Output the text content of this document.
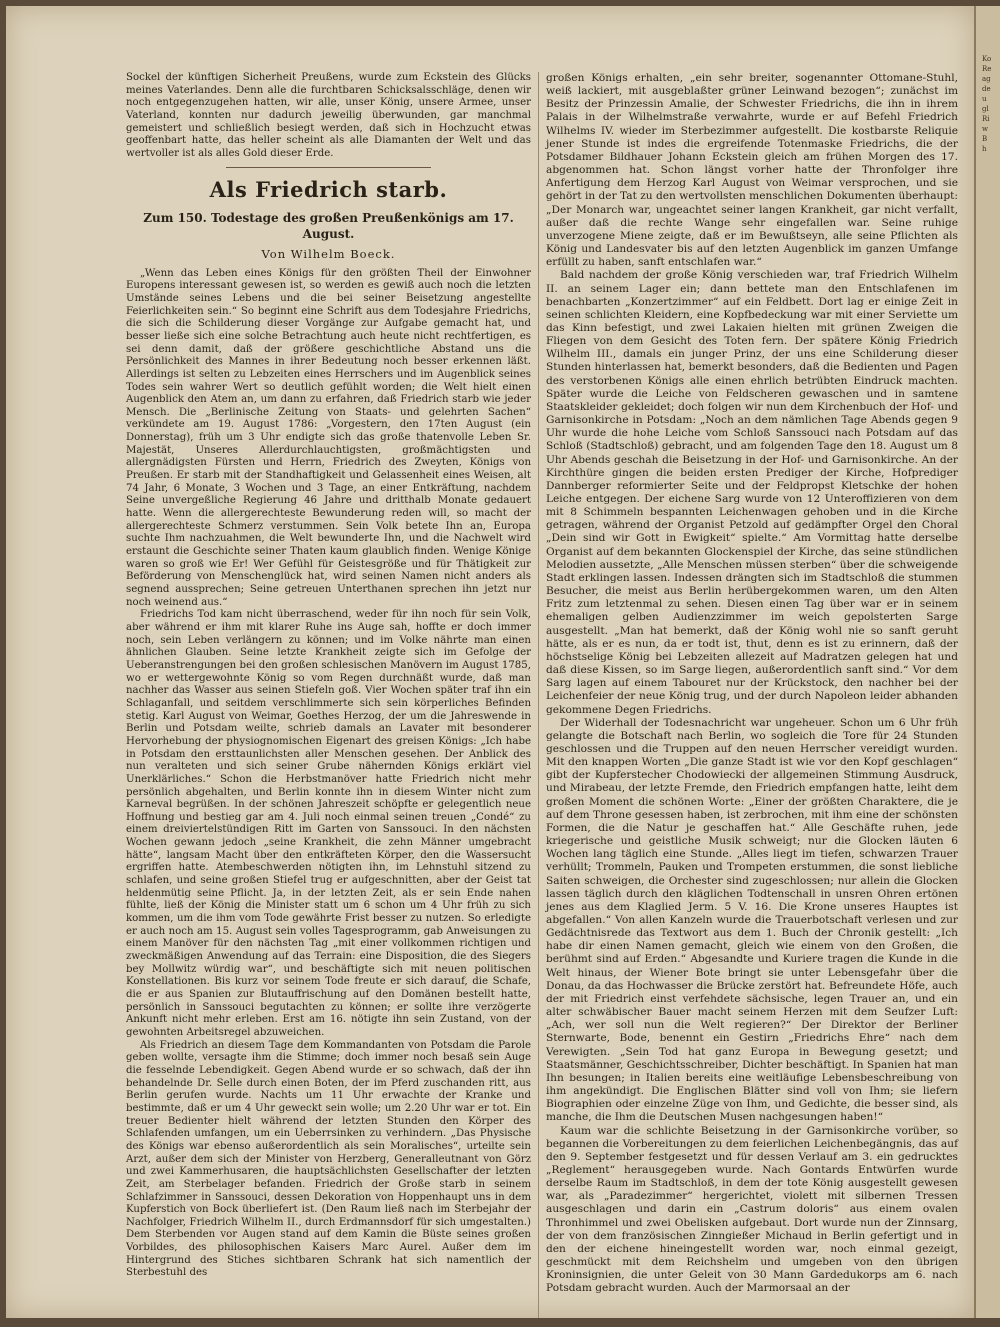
Sockel der künftigen Sicherheit Preußens, wurde zum Eckstein des Glücks meines Vaterlandes. Denn alle die furchtbaren Schicksalsschläge, denen wir noch entgegenzugehen hatten, wir alle, unser König, unsere Armee, unser Vaterland, konnten nur dadurch jeweilig überwunden, gar manchmal gemeistert und schließlich besiegt werden, daß sich in Hochzucht etwas geoffenbart hatte, das heller scheint als alle Diamanten der Welt und das wertvoller ist als alles Gold dieser Erde.

Als Friedrich starb.
Zum 150. Todestage des großen Preußenkönigs am 17. August.
Von Wilhelm Boeck.

„Wenn das Leben eines Königs für den größten Theil der Einwohner Europens interessant gewesen ist, so werden es gewiß auch noch die letzten Umstände seines Lebens und die bei seiner Beisetzung angestellte Feierlichkeiten sein.“ So beginnt eine Schrift aus dem Todesjahre Friedrichs, die sich die Schilderung dieser Vorgänge zur Aufgabe gemacht hat, und besser ließe sich eine solche Betrachtung auch heute nicht rechtfertigen, es sei denn damit, daß der größere geschichtliche Abstand uns die Persönlichkeit des Mannes in ihrer Bedeutung noch besser erkennen läßt. Allerdings ist selten zu Lebzeiten eines Herrschers und im Augenblick seines Todes sein wahrer Wert so deutlich gefühlt worden; die Welt hielt einen Augenblick den Atem an, um dann zu erfahren, daß Friedrich starb wie jeder Mensch. Die „Berlinische Zeitung von Staats- und gelehrten Sachen“ verkündete am 19. August 1786: „Vorgestern, den 17ten August (ein Donnerstag), früh um 3 Uhr endigte sich das große thatenvolle Leben Sr. Majestät, Unseres Allerdurchlauchtigsten, großmächtigsten und allergnädigsten Fürsten und Herrn, Friedrich des Zweyten, Königs von Preußen. Er starb mit der Standhaftigkeit und Gelassenheit eines Weisen, alt 74 Jahr, 6 Monate, 3 Wochen und 3 Tage, an einer Entkräftung, nachdem Seine unvergeßliche Regierung 46 Jahre und dritthalb Monate gedauert hatte. Wenn die allergerechteste Bewunderung reden will, so macht der allergerechteste Schmerz verstummen. Sein Volk betete Ihn an, Europa suchte Ihm nachzuahmen, die Welt bewunderte Ihn, und die Nachwelt wird erstaunt die Geschichte seiner Thaten kaum glaublich finden. Wenige Könige waren so groß wie Er! Wer Gefühl für Geistesgröße und für Thätigkeit zur Beförderung von Menschenglück hat, wird seinen Namen nicht anders als segnend aussprechen; Seine getreuen Unterthanen sprechen ihn jetzt nur noch weinend aus.“

Friedrichs Tod kam nicht überraschend, weder für ihn noch für sein Volk, aber während er ihm mit klarer Ruhe ins Auge sah, hoffte er doch immer noch, sein Leben verlängern zu können; und im Volke nährte man einen ähnlichen Glauben. Seine letzte Krankheit zeigte sich im Gefolge der Ueberanstrengungen bei den großen schlesischen Manövern im August 1785, wo er wettergewohnte König so vom Regen durchnäßt wurde, daß man nachher das Wasser aus seinen Stiefeln goß. Vier Wochen später traf ihn ein Schlaganfall, und seitdem verschlimmerte sich sein körperliches Befinden stetig. Karl August von Weimar, Goethes Herzog, der um die Jahreswende in Berlin und Potsdam weilte, schrieb damals an Lavater mit besonderer Hervorhebung der physiognomischen Eigenart des greisen Königs: „Ich habe in Potsdam den ersttaunlichsten aller Menschen gesehen. Der Anblick des nun veralteten und sich seiner Grube nähernden Königs erklärt viel Unerklärliches.“ Schon die Herbstmanöver hatte Friedrich nicht mehr persönlich abgehalten, und Berlin konnte ihn in diesem Winter nicht zum Karneval begrüßen. In der schönen Jahreszeit schöpfte er gelegentlich neue Hoffnung und bestieg gar am 4. Juli noch einmal seinen treuen „Condé“ zu einem dreiviertelstündigen Ritt im Garten von Sanssouci. In den nächsten Wochen gewann jedoch „seine Krankheit, die zehn Männer umgebracht hätte“, langsam Macht über den entkräfteten Körper, den die Wassersucht ergriffen hatte. Atembeschwerden nötigten ihn, im Lehnstuhl sitzend zu schlafen, und seine großen Stiefel trug er aufgeschnitten, aber der Geist tat heldenmütig seine Pflicht. Ja, in der letzten Zeit, als er sein Ende nahen fühlte, ließ der König die Minister statt um 6 schon um 4 Uhr früh zu sich kommen, um die ihm vom Tode gewährte Frist besser zu nutzen. So erledigte er auch noch am 15. August sein volles Tagesprogramm, gab Anweisungen zu einem Manöver für den nächsten Tag „mit einer vollkommen richtigen und zweckmäßigen Anwendung auf das Terrain: eine Disposition, die des Siegers bey Mollwitz würdig war“, und beschäftigte sich mit neuen politischen Konstellationen. Bis kurz vor seinem Tode freute er sich darauf, die Schafe, die er aus Spanien zur Blutauffrischung auf den Domänen bestellt hatte, persönlich in Sanssouci begutachten zu können; er sollte ihre verzögerte Ankunft nicht mehr erleben. Erst am 16. nötigte ihn sein Zustand, von der gewohnten Arbeitsregel abzuweichen.

Als Friedrich an diesem Tage dem Kommandanten von Potsdam die Parole geben wollte, versagte ihm die Stimme; doch immer noch besaß sein Auge die fesselnde Lebendigkeit. Gegen Abend wurde er so schwach, daß der ihn behandelnde Dr. Selle durch einen Boten, der im Pferd zuschanden ritt, aus Berlin gerufen wurde. Nachts um 11 Uhr erwachte der Kranke und bestimmte, daß er um 4 Uhr geweckt sein wolle; um 2.20 Uhr war er tot. Ein treuer Bedienter hielt während der letzten Stunden den Körper des Schlafenden umfangen, um ein Ueberrsinken zu verhindern. „Das Physische des Königs war ebenso außerordentlich als sein Moralisches“, urteilte sein Arzt, außer dem sich der Minister von Herzberg, Generalleutnant von Görz und zwei Kammerhusaren, die hauptsächlichsten Gesellschafter der letzten Zeit, am Sterbelager befanden. Friedrich der Große starb in seinem Schlafzimmer in Sanssouci, dessen Dekoration von Hoppenhaupt uns in dem Kupferstich von Bock überliefert ist. (Den Raum ließ nach im Sterbejahr der Nachfolger, Friedrich Wilhelm II., durch Erdmannsdorf für sich umgestalten.) Dem Sterbenden vor Augen stand auf dem Kamin die Büste seines großen Vorbildes, des philosophischen Kaisers Marc Aurel. Außer dem im Hintergrund des Stiches sichtbaren Schrank hat sich namentlich der Sterbestuhl des

großen Königs erhalten, „ein sehr breiter, sogenannter Ottomane-Stuhl, weiß lackiert, mit ausgeblaßter grüner Leinwand bezogen“; zunächst im Besitz der Prinzessin Amalie, der Schwester Friedrichs, die ihn in ihrem Palais in der Wilhelmstraße verwahrte, wurde er auf Befehl Friedrich Wilhelms IV. wieder im Sterbezimmer aufgestellt. Die kostbarste Reliquie jener Stunde ist indes die ergreifende Totenmaske Friedrichs, die der Potsdamer Bildhauer Johann Eckstein gleich am frühen Morgen des 17. abgenommen hat. Schon längst vorher hatte der Thronfolger ihre Anfertigung dem Herzog Karl August von Weimar versprochen, und sie gehört in der Tat zu den wertvollsten menschlichen Dokumenten überhaupt: „Der Monarch war, ungeachtet seiner langen Krankheit, gar nicht verfallt, außer daß die rechte Wange sehr eingefallen war. Seine ruhige unverzogene Miene zeigte, daß er im Bewußtseyn, alle seine Pflichten als König und Landesvater bis auf den letzten Augenblick im ganzen Umfange erfüllt zu haben, sanft entschlafen war.“

Bald nachdem der große König verschieden war, traf Friedrich Wilhelm II. an seinem Lager ein; dann bettete man den Entschlafenen im benachbarten „Konzertzimmer“ auf ein Feldbett. Dort lag er einige Zeit in seinen schlichten Kleidern, eine Kopfbedeckung war mit einer Serviette um das Kinn befestigt, und zwei Lakaien hielten mit grünen Zweigen die Fliegen von dem Gesicht des Toten fern. Der spätere König Friedrich Wilhelm III., damals ein junger Prinz, der uns eine Schilderung dieser Stunden hinterlassen hat, bemerkt besonders, daß die Bedienten und Pagen des verstorbenen Königs alle einen ehrlich betrübten Eindruck machten. Später wurde die Leiche von Feldscheren gewaschen und in samtene Staatskleider gekleidet; doch folgen wir nun dem Kirchenbuch der Hof- und Garnisonkirche in Potsdam: „Noch an dem nämlichen Tage Abends gegen 9 Uhr wurde die hohe Leiche vom Schloß Sanssouci nach Potsdam auf das Schloß (Stadtschloß) gebracht, und am folgenden Tage den 18. August um 8 Uhr Abends geschah die Beisetzung in der Hof- und Garnisonkirche. An der Kirchthüre gingen die beiden ersten Prediger der Kirche, Hofprediger Dannberger reformierter Seite und der Feldpropst Kletschke der hohen Leiche entgegen. Der eichene Sarg wurde von 12 Unteroffizieren von dem mit 8 Schimmeln bespannten Leichenwagen gehoben und in die Kirche getragen, während der Organist Petzold auf gedämpfter Orgel den Choral „Dein sind wir Gott in Ewigkeit“ spielte.“ Am Vormittag hatte derselbe Organist auf dem bekannten Glockenspiel der Kirche, das seine stündlichen Melodien aussetzte, „Alle Menschen müssen sterben“ über die schweigende Stadt erklingen lassen. Indessen drängten sich im Stadtschloß die stummen Besucher, die meist aus Berlin herübergekommen waren, um den Alten Fritz zum letztenmal zu sehen. Diesen einen Tag über war er in seinem ehemaligen gelben Audienzzimmer im weich gepolsterten Sarge ausgestellt. „Man hat bemerkt, daß der König wohl nie so sanft geruht hätte, als er es nun, da er todt ist, thut, denn es ist zu erinnern, daß der höchstselige König bei Lebzeiten allezeit auf Madratzen gelegen hat und daß diese Kissen, so im Sarge liegen, außerordentlich sanft sind.“ Vor dem Sarg lagen auf einem Tabouret nur der Krückstock, den nachher bei der Leichenfeier der neue König trug, und der durch Napoleon leider abhanden gekommene Degen Friedrichs.

Der Widerhall der Todesnachricht war ungeheuer. Schon um 6 Uhr früh gelangte die Botschaft nach Berlin, wo sogleich die Tore für 24 Stunden geschlossen und die Truppen auf den neuen Herrscher vereidigt wurden. Mit den knappen Worten „Die ganze Stadt ist wie vor den Kopf geschlagen“ gibt der Kupferstecher Chodowiecki der allgemeinen Stimmung Ausdruck, und Mirabeau, der letzte Fremde, den Friedrich empfangen hatte, leiht dem großen Moment die schönen Worte: „Einer der größten Charaktere, die je auf dem Throne gesessen haben, ist zerbrochen, mit ihm eine der schönsten Formen, die die Natur je geschaffen hat.“ Alle Geschäfte ruhen, jede kriegerische und geistliche Musik schweigt; nur die Glocken läuten 6 Wochen lang täglich eine Stunde. „Alles liegt im tiefen, schwarzen Trauer verhüllt; Trommeln, Pauken und Trompeten erstummen, die sonst liebliche Saiten schweigen, die Orchester sind zugeschlossen; nur allein die Glocken lassen täglich durch den kläglichen Todtenschall in unsren Ohren ertönen jenes aus dem Klaglied Jerm. 5 V. 16. Die Krone unseres Hauptes ist abgefallen.“ Von allen Kanzeln wurde die Trauerbotschaft verlesen und zur Gedächtnisrede das Textwort aus dem 1. Buch der Chronik gestellt: „Ich habe dir einen Namen gemacht, gleich wie einem von den Großen, die berühmt sind auf Erden.“ Abgesandte und Kuriere tragen die Kunde in die Welt hinaus, der Wiener Bote bringt sie unter Lebensgefahr über die Donau, da das Hochwasser die Brücke zerstört hat. Befreundete Höfe, auch der mit Friedrich einst verfehdete sächsische, legen Trauer an, und ein alter schwäbischer Bauer macht seinem Herzen mit dem Seufzer Luft: „Ach, wer soll nun die Welt regieren?“ Der Direktor der Berliner Sternwarte, Bode, benennt ein Gestirn „Friedrichs Ehre“ nach dem Verewigten. „Sein Tod hat ganz Europa in Bewegung gesetzt; und Staatsmänner, Geschichtsschreiber, Dichter beschäftigt. In Spanien hat man Ihn besungen; in Italien bereits eine weitläufige Lebensbeschreibung von ihm angekündigt. Die Englischen Blätter sind voll von Ihm; sie liefern Biographien oder einzelne Züge von Ihm, und Gedichte, die besser sind, als manche, die Ihm die Deutschen Musen nachgesungen haben!“

Kaum war die schlichte Beisetzung in der Garnisonkirche vorüber, so begannen die Vorbereitungen zu dem feierlichen Leichenbegängnis, das auf den 9. September festgesetzt und für dessen Verlauf am 3. ein gedrucktes „Reglement“ herausgegeben wurde. Nach Gontards Entwürfen wurde derselbe Raum im Stadtschloß, in dem der tote König ausgestellt gewesen war, als „Paradezimmer“ hergerichtet, violett mit silbernen Tressen ausgeschlagen und darin ein „Castrum doloris“ aus einem ovalen Thronhimmel und zwei Obelisken aufgebaut. Dort wurde nun der Zinnsarg, der von dem französischen Zinngießer Michaud in Berlin gefertigt und in den der eichene hineingestellt worden war, noch einmal gezeigt, geschmückt mit dem Reichshelm und umgeben von den übrigen Kroninsignien, die unter Geleit von 30 Mann Gardedukorps am 6. nach Potsdam gebracht wurden. Auch der Marmorsaal an der

Ko
Re
ag
de
u
gl
Ri
w
B
h
